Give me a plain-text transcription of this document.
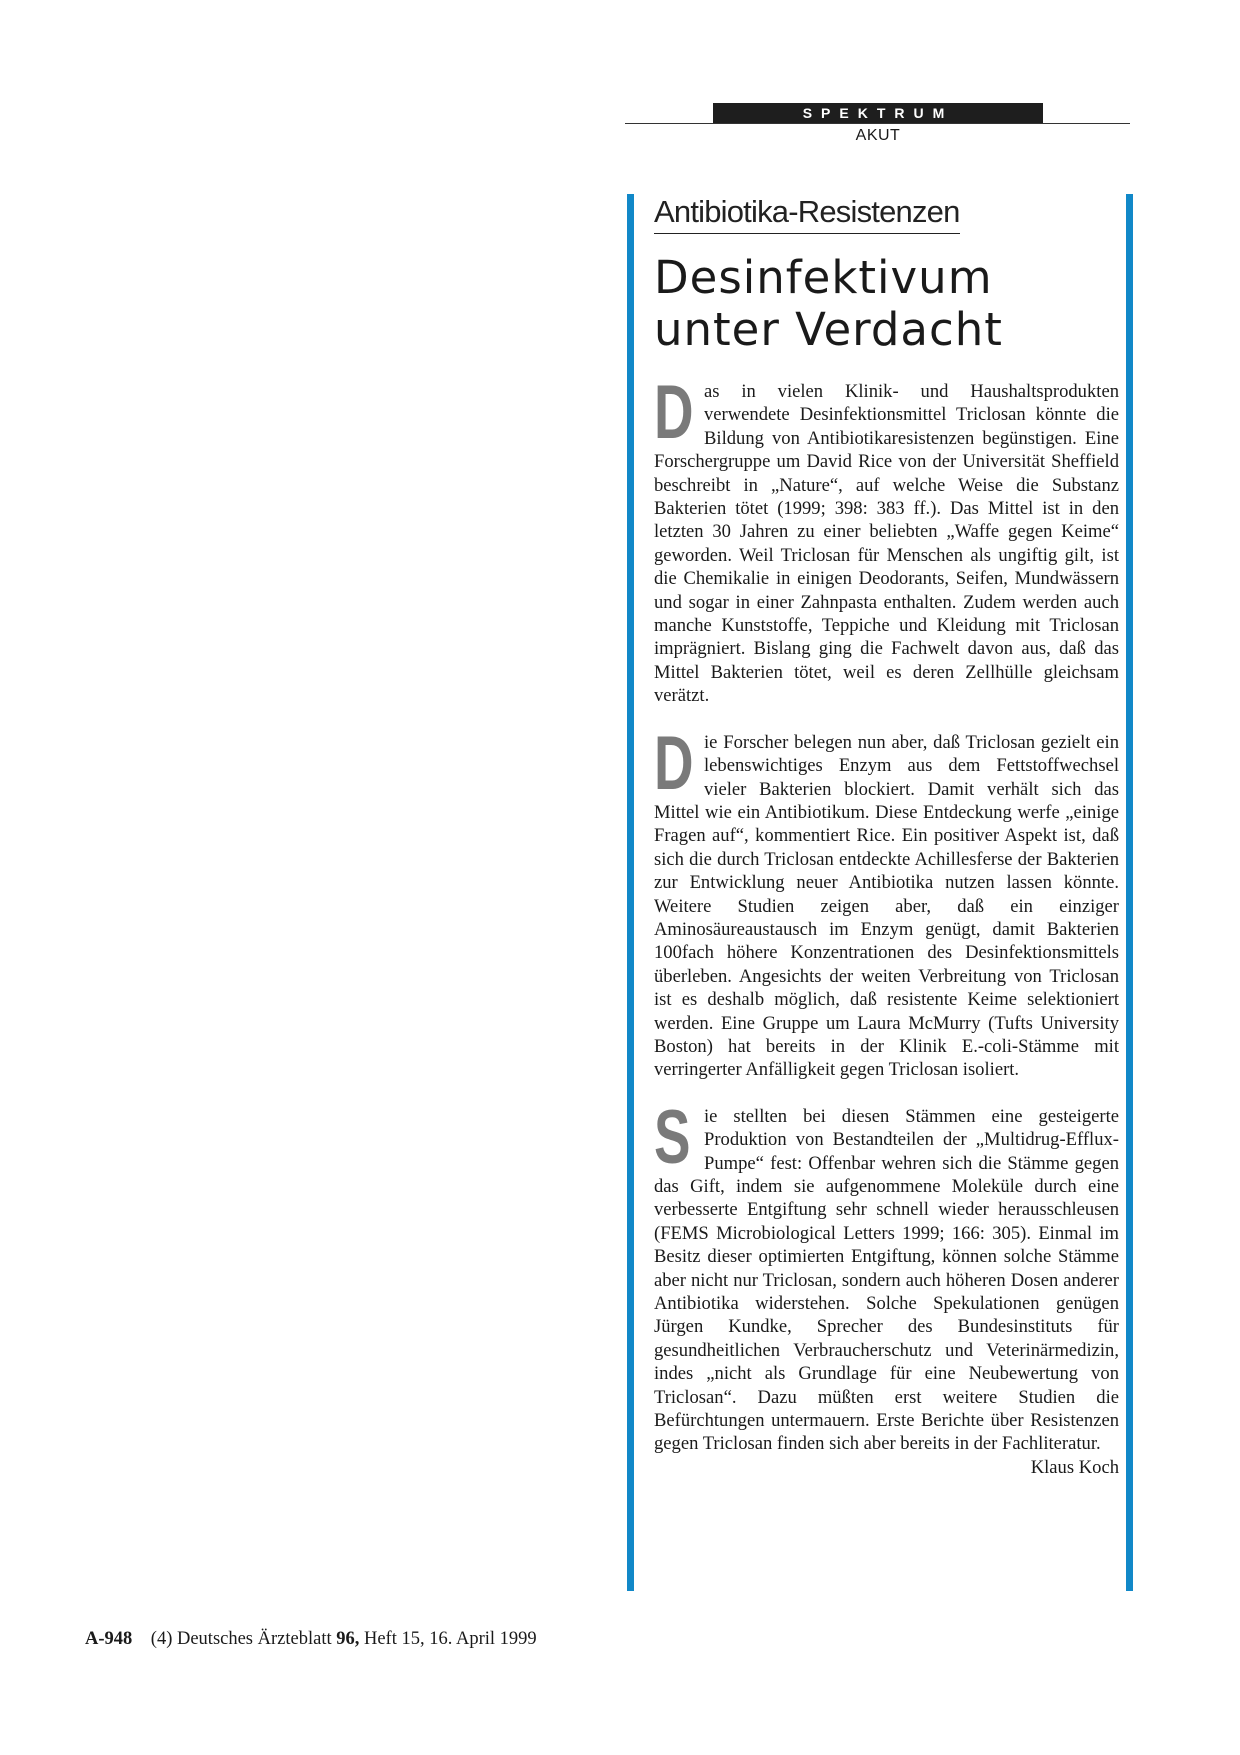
SPEKTRUM
AKUT
Antibiotika-Resistenzen
Desinfektivum
unter Verdacht

Das in vielen Klinik- und Haushaltsprodukten verwendete Desinfektionsmittel Triclosan könnte die Bildung von Antibiotikaresistenzen begünstigen. Eine Forschergruppe um David Rice von der Universität Sheffield beschreibt in „Nature“, auf welche Weise die Substanz Bakterien tötet (1999; 398: 383 ff.). Das Mittel ist in den letzten 30 Jahren zu einer beliebten „Waffe gegen Keime“ geworden. Weil Triclosan für Menschen als ungiftig gilt, ist die Chemikalie in einigen Deodorants, Seifen, Mundwässern und sogar in einer Zahnpasta enthalten. Zudem werden auch manche Kunststoffe, Teppiche und Kleidung mit Triclosan imprägniert. Bislang ging die Fachwelt davon aus, daß das Mittel Bakterien tötet, weil es deren Zellhülle gleichsam verätzt.

Die Forscher belegen nun aber, daß Triclosan gezielt ein lebenswichtiges Enzym aus dem Fettstoffwechsel vieler Bakterien blockiert. Damit verhält sich das Mittel wie ein Antibiotikum. Diese Entdeckung werfe „einige Fragen auf“, kommentiert Rice. Ein positiver Aspekt ist, daß sich die durch Triclosan entdeckte Achillesferse der Bakterien zur Entwicklung neuer Antibiotika nutzen lassen könnte. Weitere Studien zeigen aber, daß ein einziger Aminosäureaustausch im Enzym genügt, damit Bakterien 100fach höhere Konzentrationen des Desinfektionsmittels überleben. Angesichts der weiten Verbreitung von Triclosan ist es deshalb möglich, daß resistente Keime selektioniert werden. Eine Gruppe um Laura McMurry (Tufts University Boston) hat bereits in der Klinik E.-coli-Stämme mit verringerter Anfälligkeit gegen Triclosan isoliert.

Sie stellten bei diesen Stämmen eine gesteigerte Produktion von Bestandteilen der „Multidrug-Efflux-Pumpe“ fest: Offenbar wehren sich die Stämme gegen das Gift, indem sie aufgenommene Moleküle durch eine verbesserte Entgiftung sehr schnell wieder herausschleusen (FEMS Microbiological Letters 1999; 166: 305). Einmal im Besitz dieser optimierten Entgiftung, können solche Stämme aber nicht nur Triclosan, sondern auch höheren Dosen anderer Antibiotika widerstehen. Solche Spekulationen genügen Jürgen Kundke, Sprecher des Bundesinstituts für gesundheitlichen Verbraucherschutz und Veterinärmedizin, indes „nicht als Grundlage für eine Neubewertung von Triclosan“. Dazu müßten erst weitere Studien die Befürchtungen untermauern. Erste Berichte über Resistenzen gegen Triclosan finden sich aber bereits in der Fachliteratur.
Klaus Koch

A-948 (4) Deutsches Ärzteblatt 96, Heft 15, 16. April 1999
